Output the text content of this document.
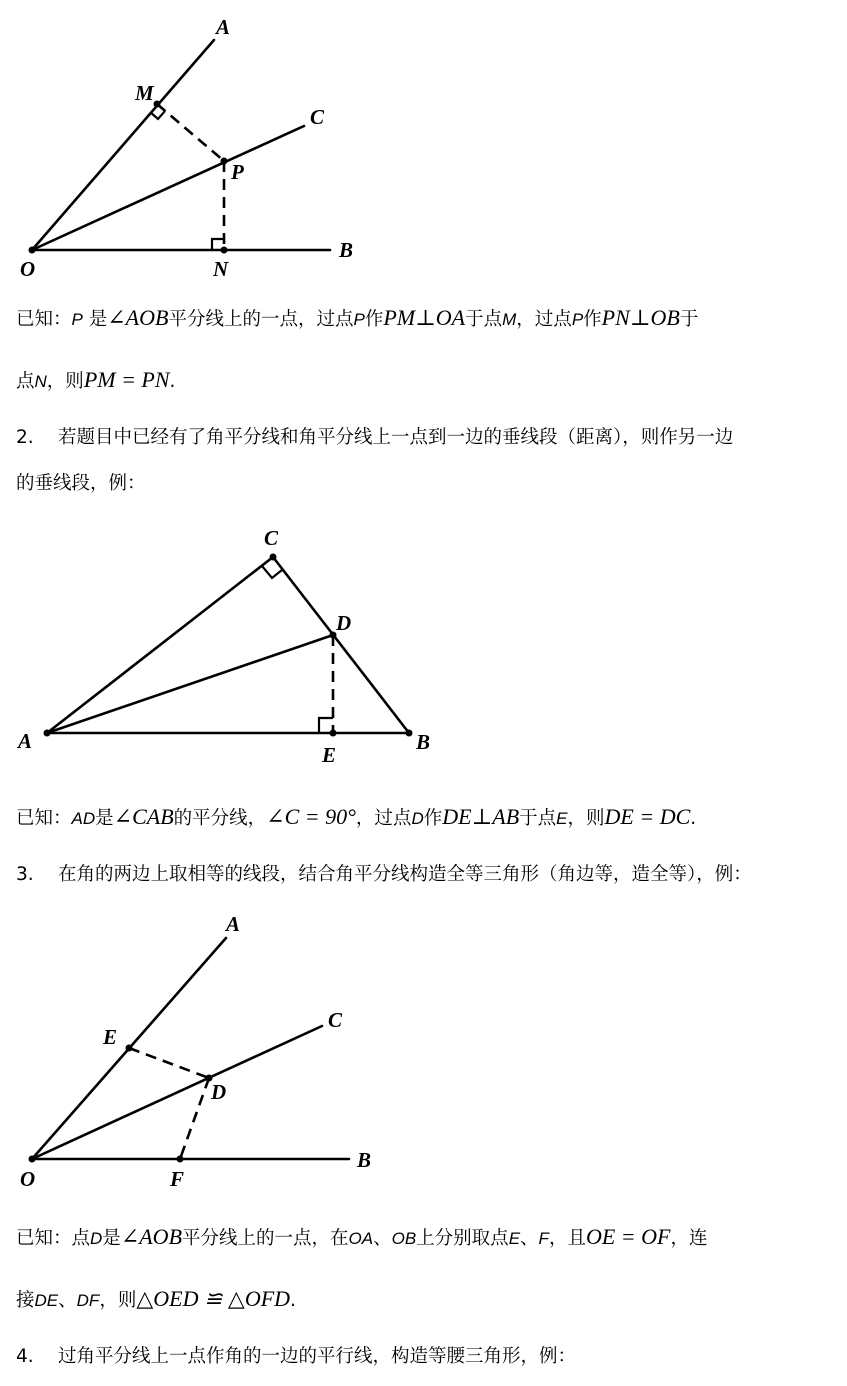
A
M
C
P
O	N
B
已知：P 是∠AOB平分线上的一点，过点P作PM⊥OA于点M，过点P作PN⊥OB于
点N，则PM = PN.
2. 若题目中已经有了角平分线和角平分线上一点到一边的垂线段（距离），则作另一边
的垂线段，例：
C
D
A
E
B
已知：AD是∠CAB的平分线，∠C = 90°，过点D作DE⊥AB于点E，则DE = DC.
3. 在角的两边上取相等的线段，结合角平分线构造全等三角形（角边等，造全等），例：
A
C
E
D
O	F
B
已知：点D是∠AOB平分线上的一点，在OA、OB上分别取点E、F，且OE = OF，连
接DE、DF，则△OED ≌ △OFD.
4. 过角平分线上一点作角的一边的平行线，构造等腰三角形，例：
